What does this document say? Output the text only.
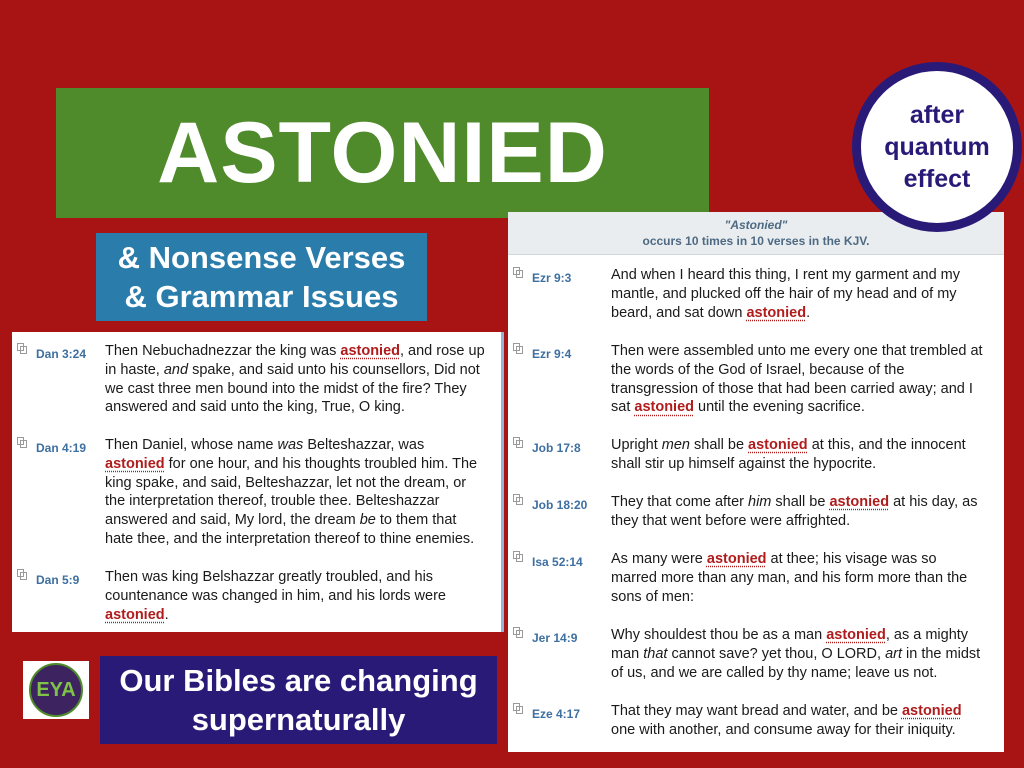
ASTONIED
& Nonsense Verses
& Grammar Issues
after
quantum
effect
"Astonied"
occurs 10 times in 10 verses in the KJV.
Ezr 9:3	And when I heard this thing, I rent my garment and my mantle, and plucked off the hair of my head and of my beard, and sat down astonied.
Ezr 9:4	Then were assembled unto me every one that trembled at the words of the God of Israel, because of the transgression of those that had been carried away; and I sat astonied until the evening sacrifice.
Job 17:8 Upright men shall be astonied at this, and the innocent shall stir up himself against the hypocrite.
Job 18:20 They that come after him shall be astonied at his day, as they that went before were affrighted.
Isa 52:14 As many were astonied at thee; his visage was so marred more than any man, and his form more than the sons of men:
Jer 14:9 Why shouldest thou be as a man astonied, as a mighty man that cannot save? yet thou, O LORD, art in the midst of us, and we are called by thy name; leave us not.
Eze 4:17 That they may want bread and water, and be astonied one with another, and consume away for their iniquity.
Dan 3:24 Then Nebuchadnezzar the king was astonied, and rose up in haste, and spake, and said unto his counsellors, Did not we cast three men bound into the midst of the fire? They answered and said unto the king, True, O king.
Dan 4:19 Then Daniel, whose name was Belteshazzar, was astonied for one hour, and his thoughts troubled him. The king spake, and said, Belteshazzar, let not the dream, or the interpretation thereof, trouble thee. Belteshazzar answered and said, My lord, the dream be to them that hate thee, and the interpretation thereof to thine enemies.
Dan 5:9 Then was king Belshazzar greatly troubled, and his countenance was changed in him, and his lords were astonied.
EYA Our Bibles are changing
supernaturally
